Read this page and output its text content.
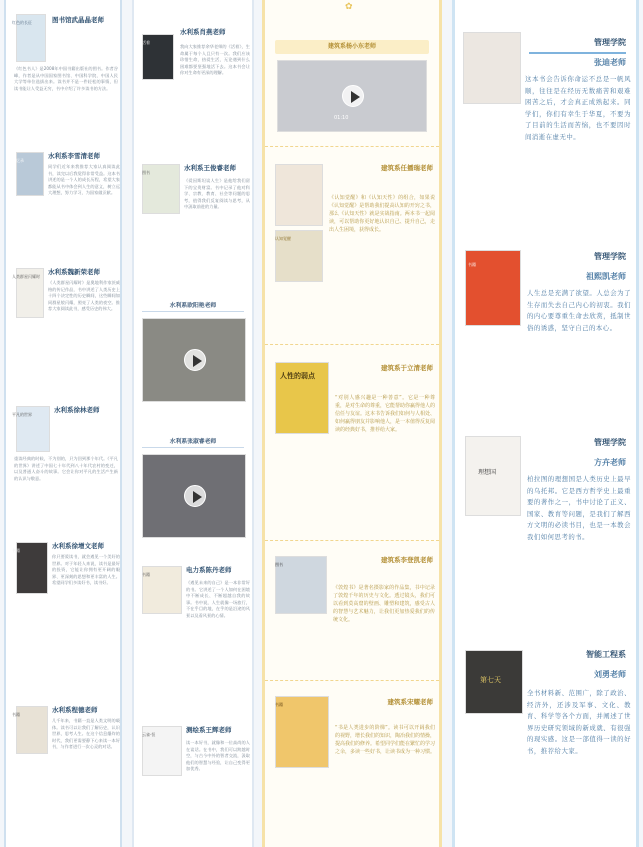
图书馆武晶晶老师
《红色书人》是2008年中国书籍出版社的图书。作者谷峰，作者是从中国国家图书馆、中国科学院、中国人民大学等单位选拔出来。读书并不是一件轻松的事情，但读书能让人受益无穷，书中介绍了许多读书的方法。
水利系李雪清老师
同学们近年来我推荐大家认真阅读此书，读完以后我觉得非常受益。这本书讲述的是一个人的成长历程，希望大家都能从书中体会到人生的意义，树立远大理想，努力学习，为国家做贡献。
水利系魏新荣老师
《人类群星闪耀时》是奥地利作家茨威格的传记作品，书中讲述了人类历史上十四个决定性的历史瞬间，这些瞬间如同群星般闪耀，照亮了人类的夜空。推荐大家阅读此书，感受历史的伟大。
水利系徐林老师
重读经典的时候，不为别的，只为回到那个年代。《平凡的世界》讲述了中国七十年代到八十年代农村的变迁，以及普通人奋斗的故事。它会让你对平凡的生活产生新的认识与敬意。
水利系徐增文老师
你只要爱读书，就会遇见一个美好的世界。对于年轻人来说，读书是最好的投资，它能让你拥有更开阔的眼界、更深刻的思想和更丰富的人生。希望同学们多读好书，读书好。
水利系程德老师
几千年来，书籍一直是人类文明的载体。读书可以让我们了解历史，认识世界，思考人生。在这个信息爆炸的时代，我们更需要静下心来读一本好书，与作者进行一次心灵的对话。
水利系肖燕老师
我向大家推荐余华老师的《活着》，生命属于每个人且只有一次。我们应该珍惜生命，热爱生活，无论遇到什么困难都要坚强地活下去。这本书会让你对生命有更深的理解。
水利系王俊睿老师
《爱因斯坦谈人生》是他给我们留下的宝贵财富。书中记录了他对科学、宗教、教育、社会等问题的思考，值得我们反复阅读与思考，从中汲取前进的力量。
水利系欧阳艳老师
水利系张淑睿老师
电力系陈丹老师
《遇见未来的自己》是一本非常好的书。它讲述了一个人如何在困境中不断成长、不断超越自我的故事。书中说，人生就像一场旅行，不在乎目的地，在乎的是沿途的风景以及看风景的心情。
测绘系王辉老师
读一本好书，就像和一位高尚的人在谈话。在书中，我们可以跨越时空，与古今中外的智者交流，汲取他们的智慧与经验，让自己变得更加优秀。
✿
建筑系杨小东老师
01:10
建筑系任播瑞老师
《认知觉醒》和《认知天性》的组合，如果说《认知觉醒》是帮助我们提高认知的开窍之书，那么《认知天性》就是实战指南。两本书一起阅读，可以帮助你更好地认识自己、提升自己，走出人生困境，获得成长。
人性的弱点
建筑系于立清老师
“对别人感兴趣是一种善意”。它是一种尊重，是对生命的尊重，它能帮助你赢得他人的信任与友谊。这本书告诉我们如何与人相处、如何赢得朋友并影响他人，是一本值得反复阅读的经典好书，推荐给大家。
建筑系李登凯老师
《敦煌书》是著名摄影家的作品集，书中记录了敦煌千年的历史与文化。透过镜头，我们可以看到莫高窟的壁画、雕塑和建筑，感受古人的智慧与艺术魅力，让我们更加热爱我们的传统文化。
建筑系宋耀老师
“书是人类进步的阶梯”。读书可以开阔我们的视野，增长我们的知识，陶冶我们的情操，提高我们的修养。希望同学们能在繁忙的学习之余，多读一些好书，让读书成为一种习惯。
管理学院
张迪老师
这本书会告诉你命运不总是一帆风顺，往往是在经历无数痛苦和艰难困苦之后，才会真正成熟起来。同学们，你们有幸生于华夏，不要为了目前的生活而苦恼，也不要因时间消逝在虚无中。
管理学院
祖熙凯老师
人生总是充满了欲望。人总会为了生存而失去自己内心的初衷。我们的内心要尊重生命去欣赏，抵制世俗的诱惑，坚守自己的本心。
理想国
管理学院
方卉老师
柏拉图的理想国是人类历史上最早的乌托邦。它是西方哲学史上最重要的著作之一，书中讨论了正义、国家、教育等问题，是我们了解西方文明的必读书目，也是一本教会我们如何思考的书。
第七天
智能工程系
刘勇老师
全书材料新、范围广，除了政治、经济外，还涉及军事、文化、教育、科学等各个方面，并阐述了世界历史研究领域的新成就、有很强的现实感。这是一部值得一读的好书，推荐给大家。
红色的长征
回忆录
人类群星闪耀时
平凡的世界
书籍
书籍
活着
图书
书籍
云雀·恒
认知觉醒
图书
书籍
书籍
